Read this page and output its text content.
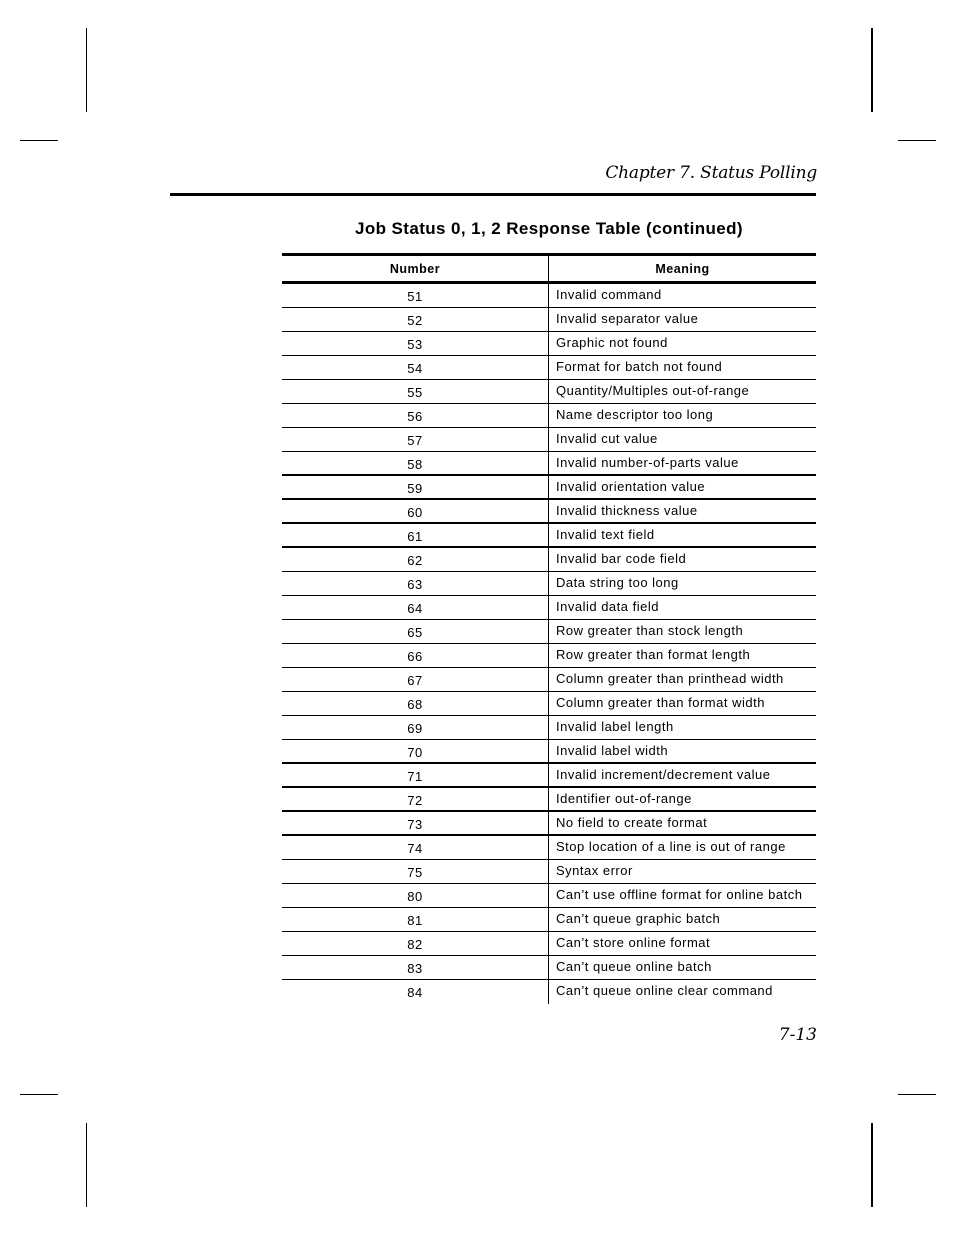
Chapter 7. Status Polling
Job Status 0, 1, 2 Response Table (continued)
Number	Meaning
51	Invalid command
52	Invalid separator value
53	Graphic not found
54	Format for batch not found
55	Quantity/Multiples out-of-range
56	Name descriptor too long
57	Invalid cut value
58	Invalid number-of-parts value
59	Invalid orientation value
60	Invalid thickness value
61	Invalid text field
62	Invalid bar code field
63	Data string too long
64	Invalid data field
65	Row greater than stock length
66	Row greater than format length
67	Column greater than printhead width
68	Column greater than format width
69	Invalid label length
70	Invalid label width
71	Invalid increment/decrement value
72	Identifier out-of-range
73	No field to create format
74	Stop location of a line is out of range
75	Syntax error
80	Can’t use offline format for online batch
81	Can’t queue graphic batch
82	Can’t store online format
83	Can’t queue online batch
84	Can’t queue online clear command
7-13
